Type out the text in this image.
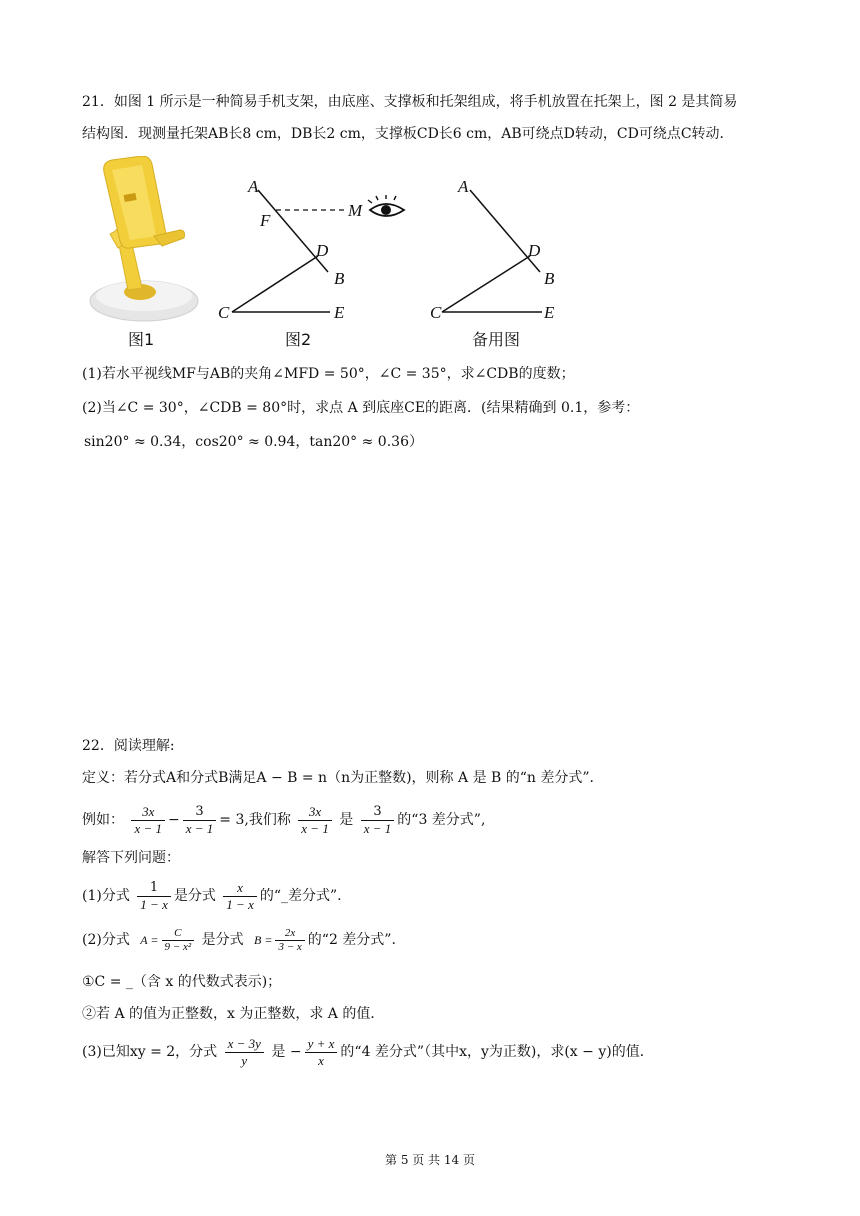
21．如图 1 所示是一种简易手机支架，由底座、支撑板和托架组成，将手机放置在托架上，图 2 是其简易
结构图．现测量托架AB长8 cm，DB长2 cm，支撑板CD长6 cm，AB可绕点D转动，CD可绕点C转动．
图1
A
F
M
D
B
C	E
图2
A
D
B
C	E
备用图
(1)若水平视线MF与AB的夹角∠MFD = 50°，∠C = 35°，求∠CDB的度数；
(2)当∠C = 30°，∠CDB = 80°时，求点 A 到底座CE的距离．(结果精确到 0.1，参考：
sin20° ≈ 0.34，cos20° ≈ 0.94，tan20° ≈ 0.36）
22．阅读理解:
定义：若分式A和分式B满足A − B = n（n为正整数)，则称 A 是 B 的“n 差分式”．
例如： $\frac{3x}{x - 1} - \frac{3}{x - 1} = 3$,我们称 $\frac{3x}{x - 1}$ 是 $\frac{3}{x - 1}$ 的“3 差分式”,
解答下列问题：
(1)分式 $\frac{1}{1 - x}$ 是分式 $\frac{x}{1 - x}$ 的“_差分式”.
(2)分式 $A = \frac{C}{\text{9 − x²}}$ 是分式 $B = \frac{2x}{3 - x}$ 的“2 差分式”.
①C = _（含 x 的代数式表示)；
②若 A 的值为正整数，x 为正整数，求 A 的值．
(3)已知xy = 2，分式 $\frac{x - 3y}{y}$ 是 − $\frac{y + x}{x}$ 的“4 差分式”（其中x，y为正数)，求(x − y)的值．
第 5 页 共 14 页
